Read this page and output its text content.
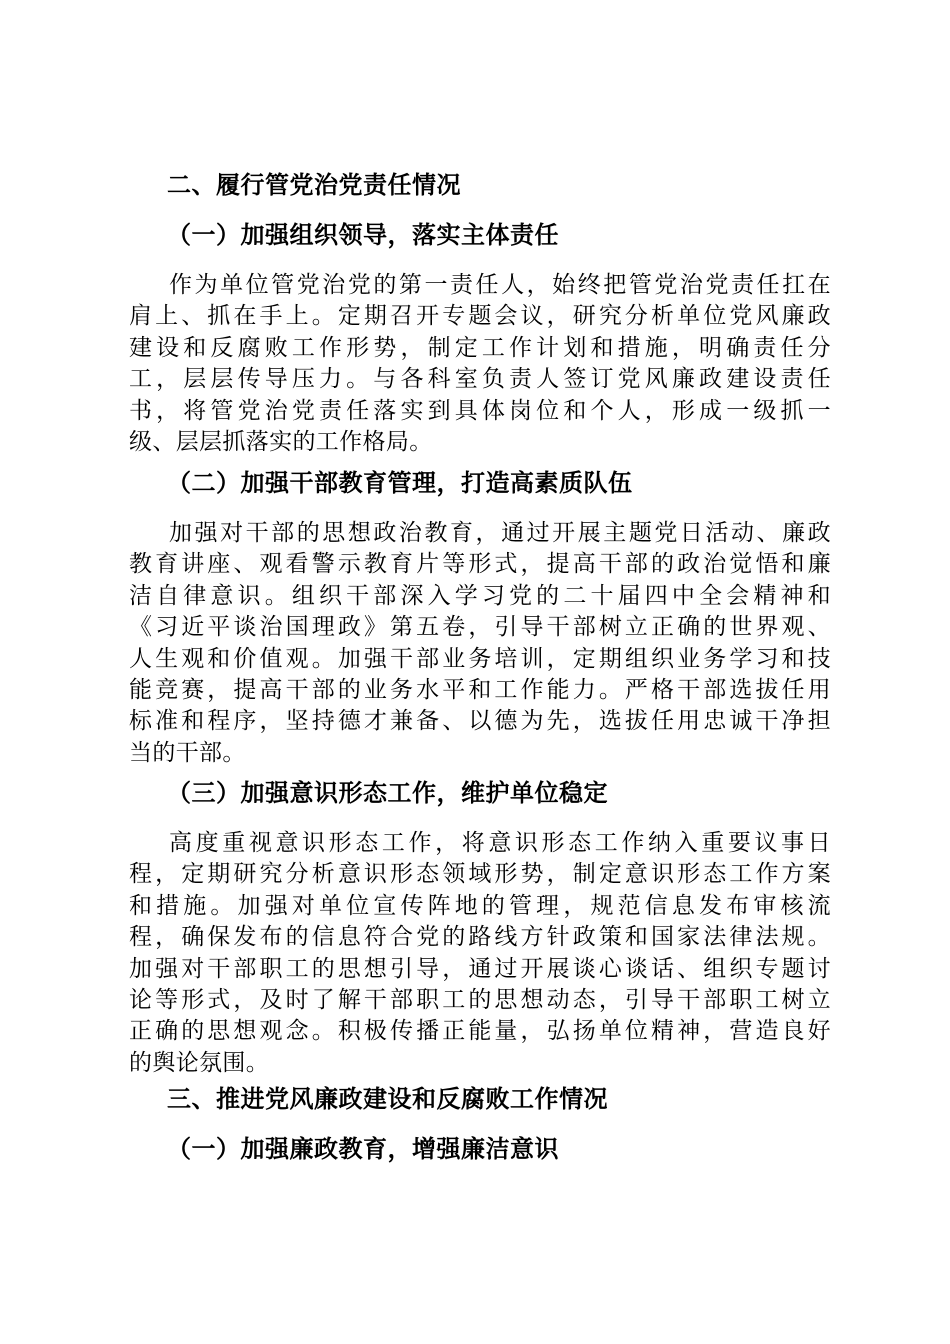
二、履行管党治党责任情况
（一）加强组织领导，落实主体责任
作为单位管党治党的第一责任人，始终把管党治党责任扛在
肩上、抓在手上。定期召开专题会议，研究分析单位党风廉政
建设和反腐败工作形势，制定工作计划和措施，明确责任分
工，层层传导压力。与各科室负责人签订党风廉政建设责任
书，将管党治党责任落实到具体岗位和个人，形成一级抓一
级、层层抓落实的工作格局。
（二）加强干部教育管理，打造高素质队伍
加强对干部的思想政治教育，通过开展主题党日活动、廉政
教育讲座、观看警示教育片等形式，提高干部的政治觉悟和廉
洁自律意识。组织干部深入学习党的二十届四中全会精神和
《习近平谈治国理政》第五卷，引导干部树立正确的世界观、
人生观和价值观。加强干部业务培训，定期组织业务学习和技
能竞赛，提高干部的业务水平和工作能力。严格干部选拔任用
标准和程序，坚持德才兼备、以德为先，选拔任用忠诚干净担
当的干部。
（三）加强意识形态工作，维护单位稳定
高度重视意识形态工作，将意识形态工作纳入重要议事日
程，定期研究分析意识形态领域形势，制定意识形态工作方案
和措施。加强对单位宣传阵地的管理，规范信息发布审核流
程，确保发布的信息符合党的路线方针政策和国家法律法规。
加强对干部职工的思想引导，通过开展谈心谈话、组织专题讨
论等形式，及时了解干部职工的思想动态，引导干部职工树立
正确的思想观念。积极传播正能量，弘扬单位精神，营造良好
的舆论氛围。
三、推进党风廉政建设和反腐败工作情况
（一）加强廉政教育，增强廉洁意识
